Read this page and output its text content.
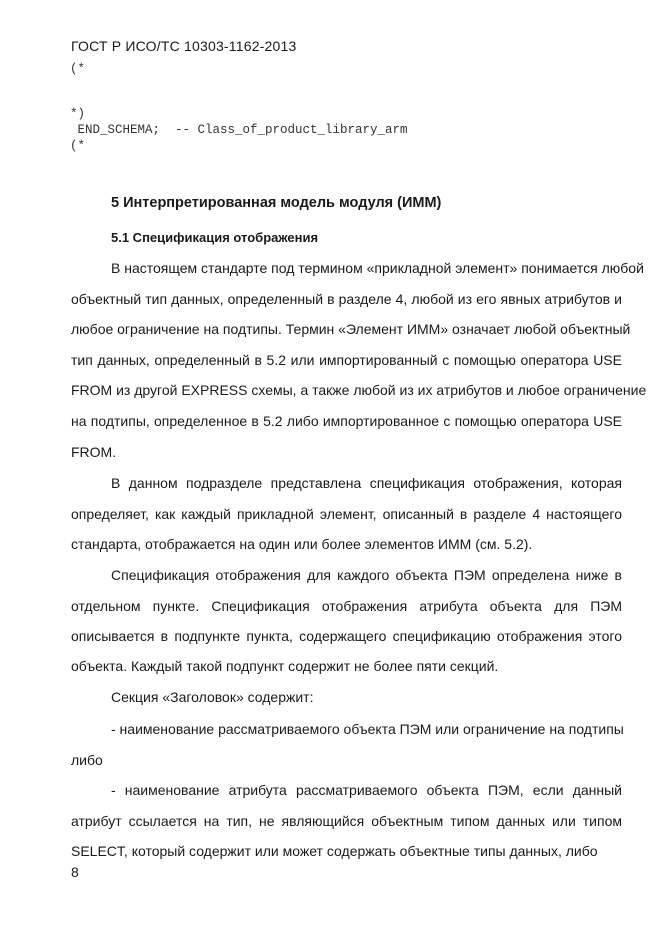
ГОСТ Р ИСО/ТС 10303-1162-2013
(*
*)
END_SCHEMA;  -- Class_of_product_library_arm
(*
5 Интерпретированная модель модуля (ИММ)
5.1 Спецификация отображения
В настоящем стандарте под термином «прикладной элемент» понимается любой
объектный тип данных, определенный в разделе 4, любой из его явных атрибутов и
любое ограничение на подтипы. Термин «Элемент ИММ» означает любой объектный
тип данных, определенный в 5.2 или импортированный с помощью оператора USE
FROM из другой EXPRESS схемы, а также любой из их атрибутов и любое ограничение
на подтипы, определенное в 5.2 либо импортированное с помощью оператора USE
FROM.
В данном подразделе представлена спецификация отображения, которая
определяет, как каждый прикладной элемент, описанный в разделе 4 настоящего
стандарта, отображается на один или более элементов ИММ (см. 5.2).
Спецификация отображения для каждого объекта ПЭМ определена ниже в
отдельном пункте. Спецификация отображения атрибута объекта для ПЭМ
описывается в подпункте пункта, содержащего спецификацию отображения этого
объекта. Каждый такой подпункт содержит не более пяти секций.
Cекция «Заголовок» содержит:
- наименование рассматриваемого объекта ПЭМ или ограничение на подтипы
либо
- наименование атрибута рассматриваемого объекта ПЭМ, если данный
атрибут ссылается на тип, не являющийся объектным типом данных или типом
SELECT, который содержит или может содержать объектные типы данных, либо
8
